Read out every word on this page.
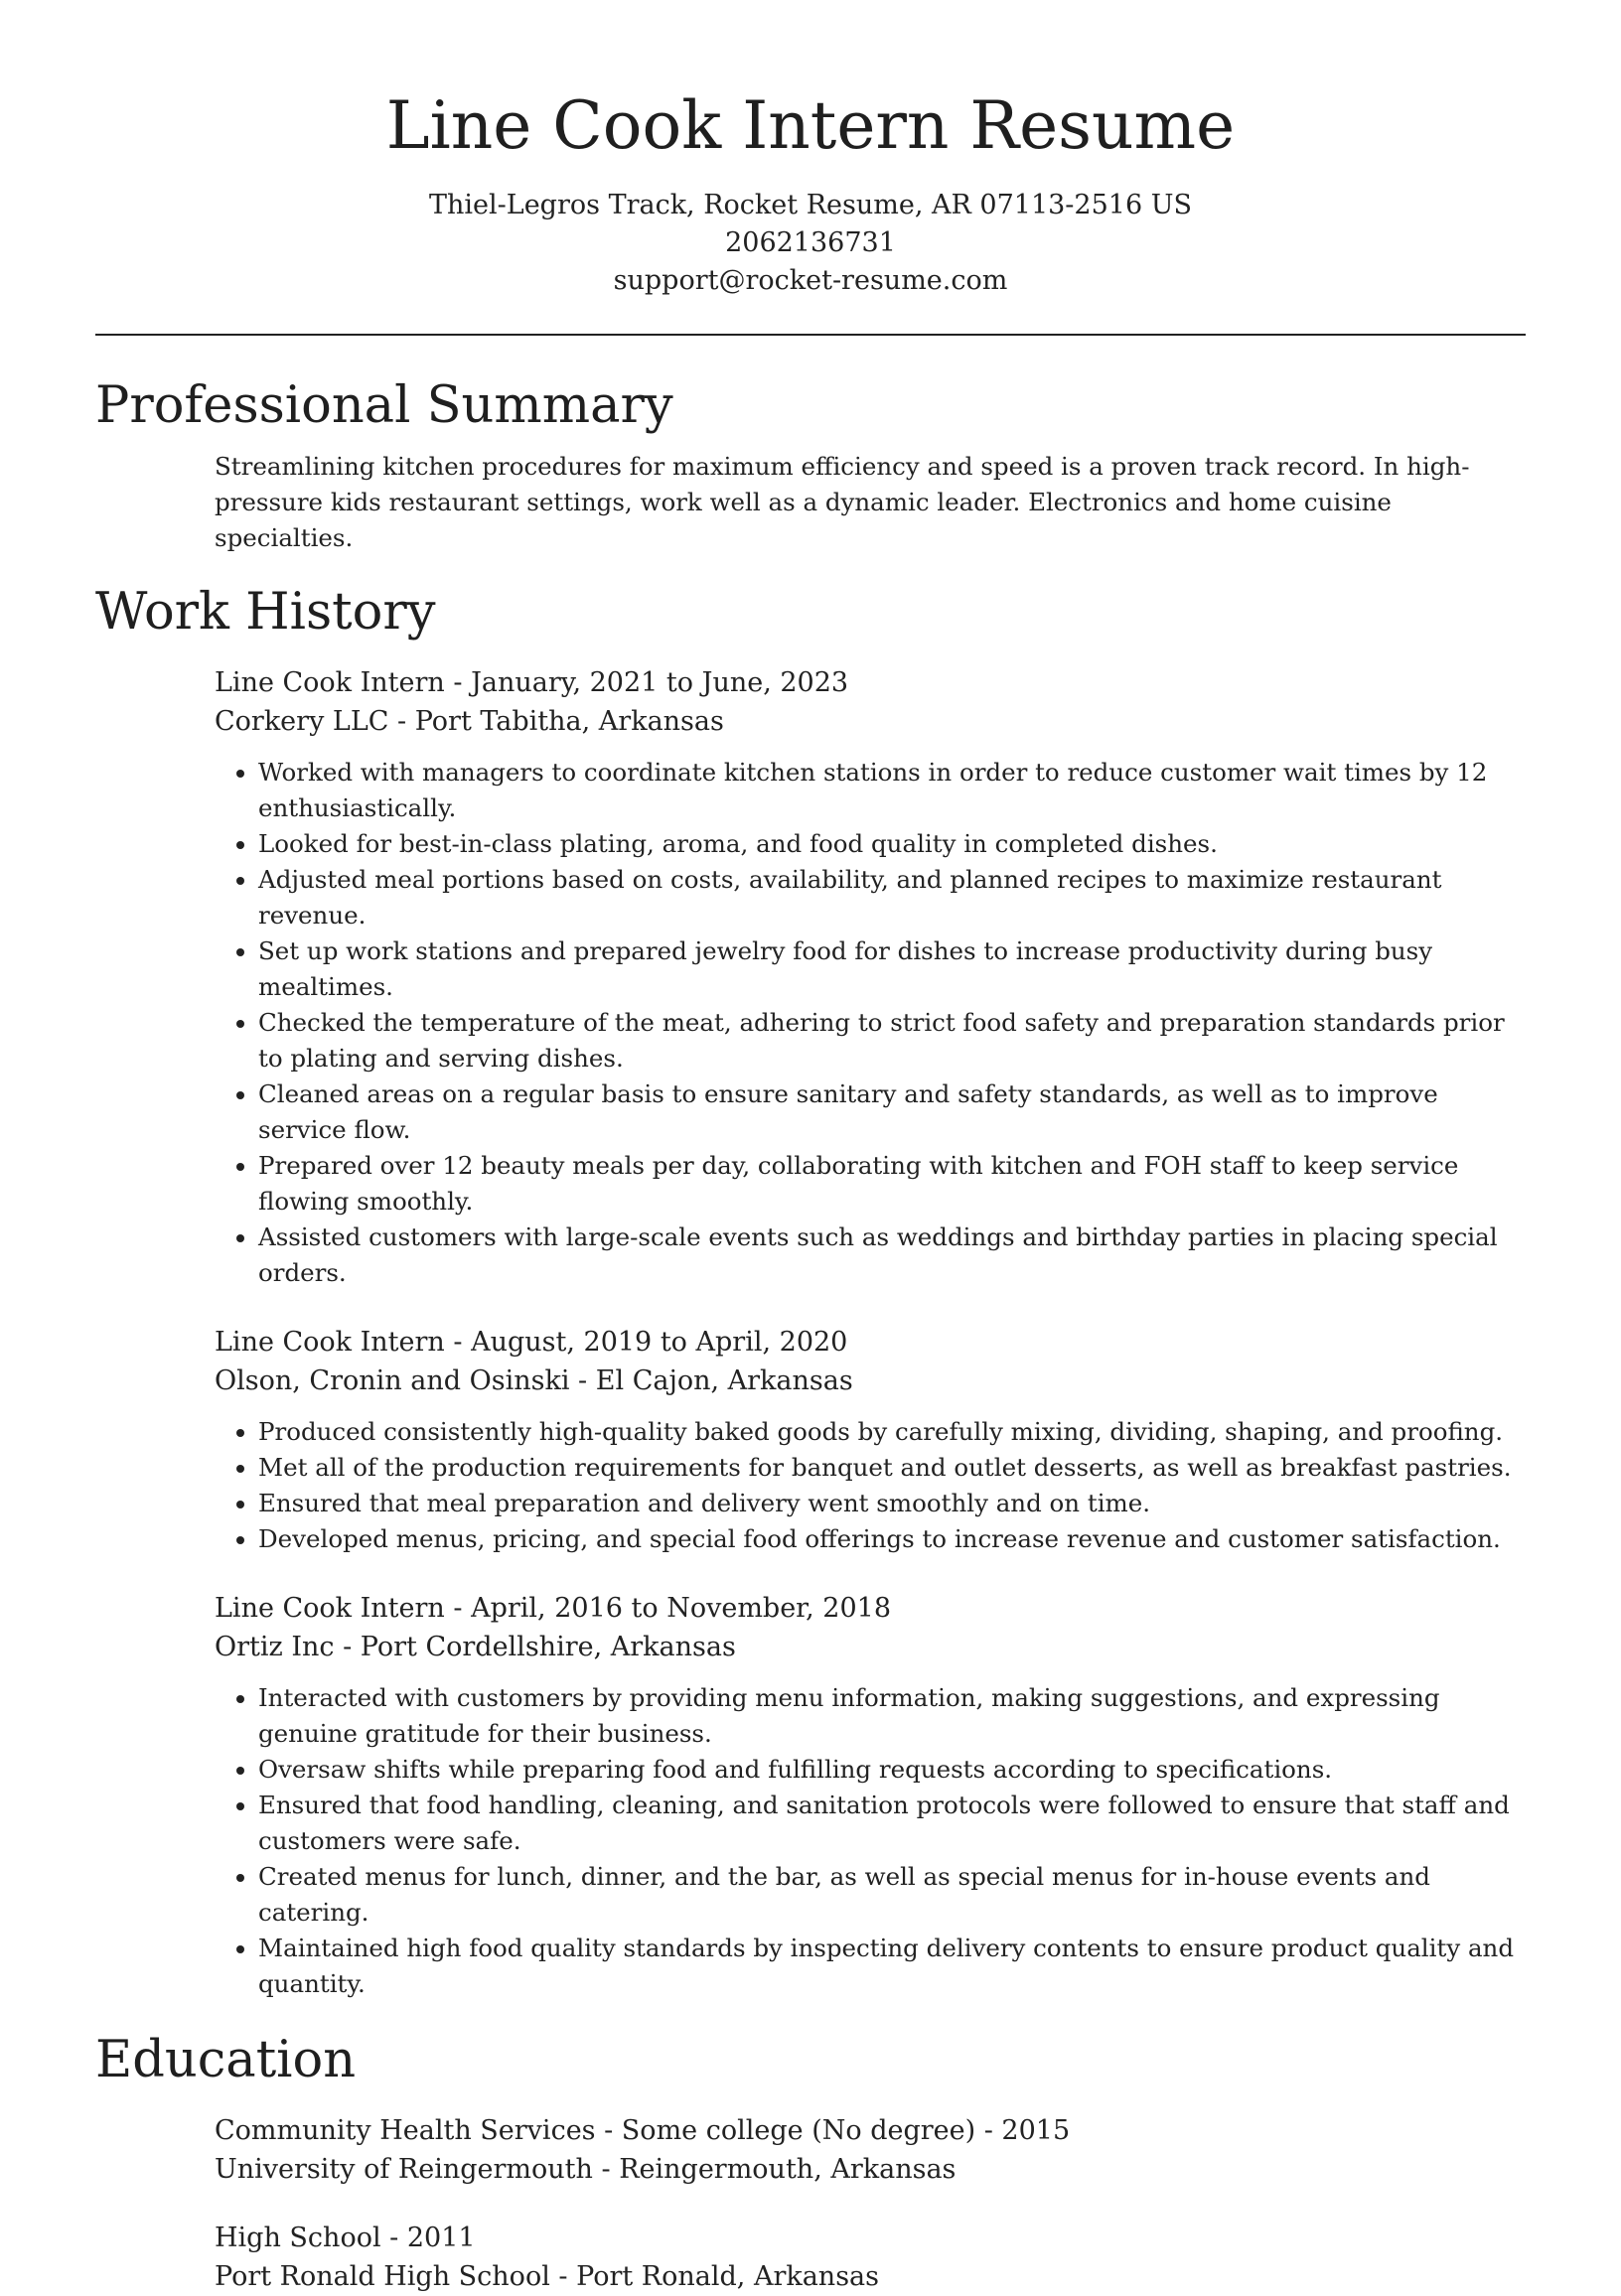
Line Cook Intern Resume
Thiel-Legros Track, Rocket Resume, AR 07113-2516 US
2062136731
support@rocket-resume.com
Professional Summary

Streamlining kitchen procedures for maximum efficiency and speed is a proven track record. In high-pressure kids restaurant settings, work well as a dynamic leader. Electronics and home cuisine specialties.

Work History
Line Cook Intern - January, 2021 to June, 2023
Corkery LLC - Port Tabitha, Arkansas
• Worked with managers to coordinate kitchen stations in order to reduce customer wait times by 12 enthusiastically.
• Looked for best-in-class plating, aroma, and food quality in completed dishes.
• Adjusted meal portions based on costs, availability, and planned recipes to maximize restaurant revenue.
• Set up work stations and prepared jewelry food for dishes to increase productivity during busy mealtimes.
• Checked the temperature of the meat, adhering to strict food safety and preparation standards prior to plating and serving dishes.
• Cleaned areas on a regular basis to ensure sanitary and safety standards, as well as to improve service flow.
• Prepared over 12 beauty meals per day, collaborating with kitchen and FOH staff to keep service flowing smoothly.
• Assisted customers with large-scale events such as weddings and birthday parties in placing special orders.
Line Cook Intern - August, 2019 to April, 2020
Olson, Cronin and Osinski - El Cajon, Arkansas
• Produced consistently high-quality baked goods by carefully mixing, dividing, shaping, and proofing.
• Met all of the production requirements for banquet and outlet desserts, as well as breakfast pastries.
• Ensured that meal preparation and delivery went smoothly and on time.
• Developed menus, pricing, and special food offerings to increase revenue and customer satisfaction.
Line Cook Intern - April, 2016 to November, 2018
Ortiz Inc - Port Cordellshire, Arkansas
• Interacted with customers by providing menu information, making suggestions, and expressing genuine gratitude for their business.
• Oversaw shifts while preparing food and fulfilling requests according to specifications.
• Ensured that food handling, cleaning, and sanitation protocols were followed to ensure that staff and customers were safe.
• Created menus for lunch, dinner, and the bar, as well as special menus for in-house events and catering.
• Maintained high food quality standards by inspecting delivery contents to ensure product quality and quantity.
Education
Community Health Services - Some college (No degree) - 2015
University of Reingermouth - Reingermouth, Arkansas
High School - 2011
Port Ronald High School - Port Ronald, Arkansas
